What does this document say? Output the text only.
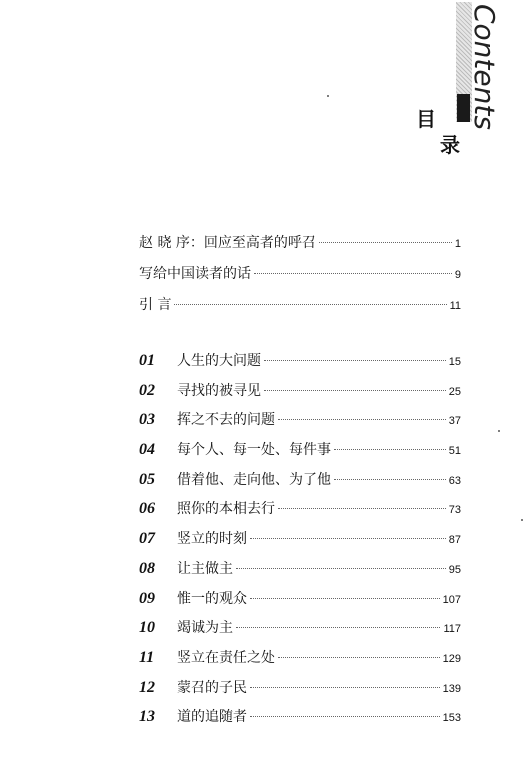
Contents
目
录
赵 晓 序：回应至高者的呼召	1
写给中国读者的话	9
引 言	11
01	人生的大问题	15
02	寻找的被寻见	25
03	挥之不去的问题	37
04	每个人、每一处、每件事	51
05	借着他、走向他、为了他	63
06	照你的本相去行	73
07	竖立的时刻	87
08	让主做主	95
09	惟一的观众	107
10	竭诚为主	117
11	竖立在责任之处	129
12	蒙召的子民	139
13	道的追随者	153
